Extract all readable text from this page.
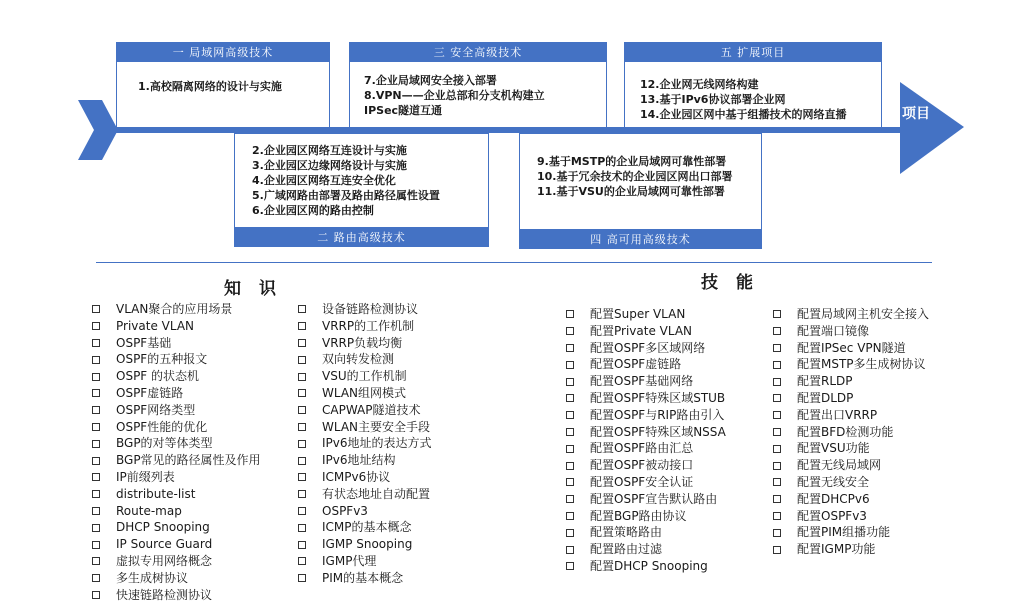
项目
一 局域网高级技术
1.高校隔离网络的设计与实施
三 安全高级技术
7.企业局域网安全接入部署
8.VPN——企业总部和分支机构建立
IPSec隧道互通
五 扩展项目
12.企业网无线网络构建
13.基于IPv6协议部署企业网
14.企业园区网中基于组播技术的网络直播
二 路由高级技术
2.企业园区网络互连设计与实施
3.企业园区边缘网络设计与实施
4.企业园区网络互连安全优化
5.广域网路由部署及路由路径属性设置
6.企业园区网的路由控制
四 高可用高级技术
9.基于MSTP的企业局域网可靠性部署
10.基于冗余技术的企业园区网出口部署
11.基于VSU的企业局域网可靠性部署
知识
VLAN聚合的应用场景
Private VLAN
OSPF基础
OSPF的五种报文
OSPF 的状态机
OSPF虚链路
OSPF网络类型
OSPF性能的优化
BGP的对等体类型
BGP常见的路径属性及作用
IP前缀列表
distribute-list
Route-map
DHCP Snooping
IP Source Guard
虚拟专用网络概念
多生成树协议
快速链路检测协议
设备链路检测协议
VRRP的工作机制
VRRP负载均衡
双向转发检测
VSU的工作机制
WLAN组网模式
CAPWAP隧道技术
WLAN主要安全手段
IPv6地址的表达方式
IPv6地址结构
ICMPv6协议
有状态地址自动配置
OSPFv3
ICMP的基本概念
IGMP Snooping
IGMP代理
PIM的基本概念
技能
配置Super VLAN
配置Private VLAN
配置OSPF多区域网络
配置OSPF虚链路
配置OSPF基础网络
配置OSPF特殊区域STUB
配置OSPF与RIP路由引入
配置OSPF特殊区域NSSA
配置OSPF路由汇总
配置OSPF被动接口
配置OSPF安全认证
配置OSPF宣告默认路由
配置BGP路由协议
配置策略路由
配置路由过滤
配置DHCP Snooping
配置局域网主机安全接入
配置端口镜像
配置IPSec VPN隧道
配置MSTP多生成树协议
配置RLDP
配置DLDP
配置出口VRRP
配置BFD检测功能
配置VSU功能
配置无线局域网
配置无线安全
配置DHCPv6
配置OSPFv3
配置PIM组播功能
配置IGMP功能
